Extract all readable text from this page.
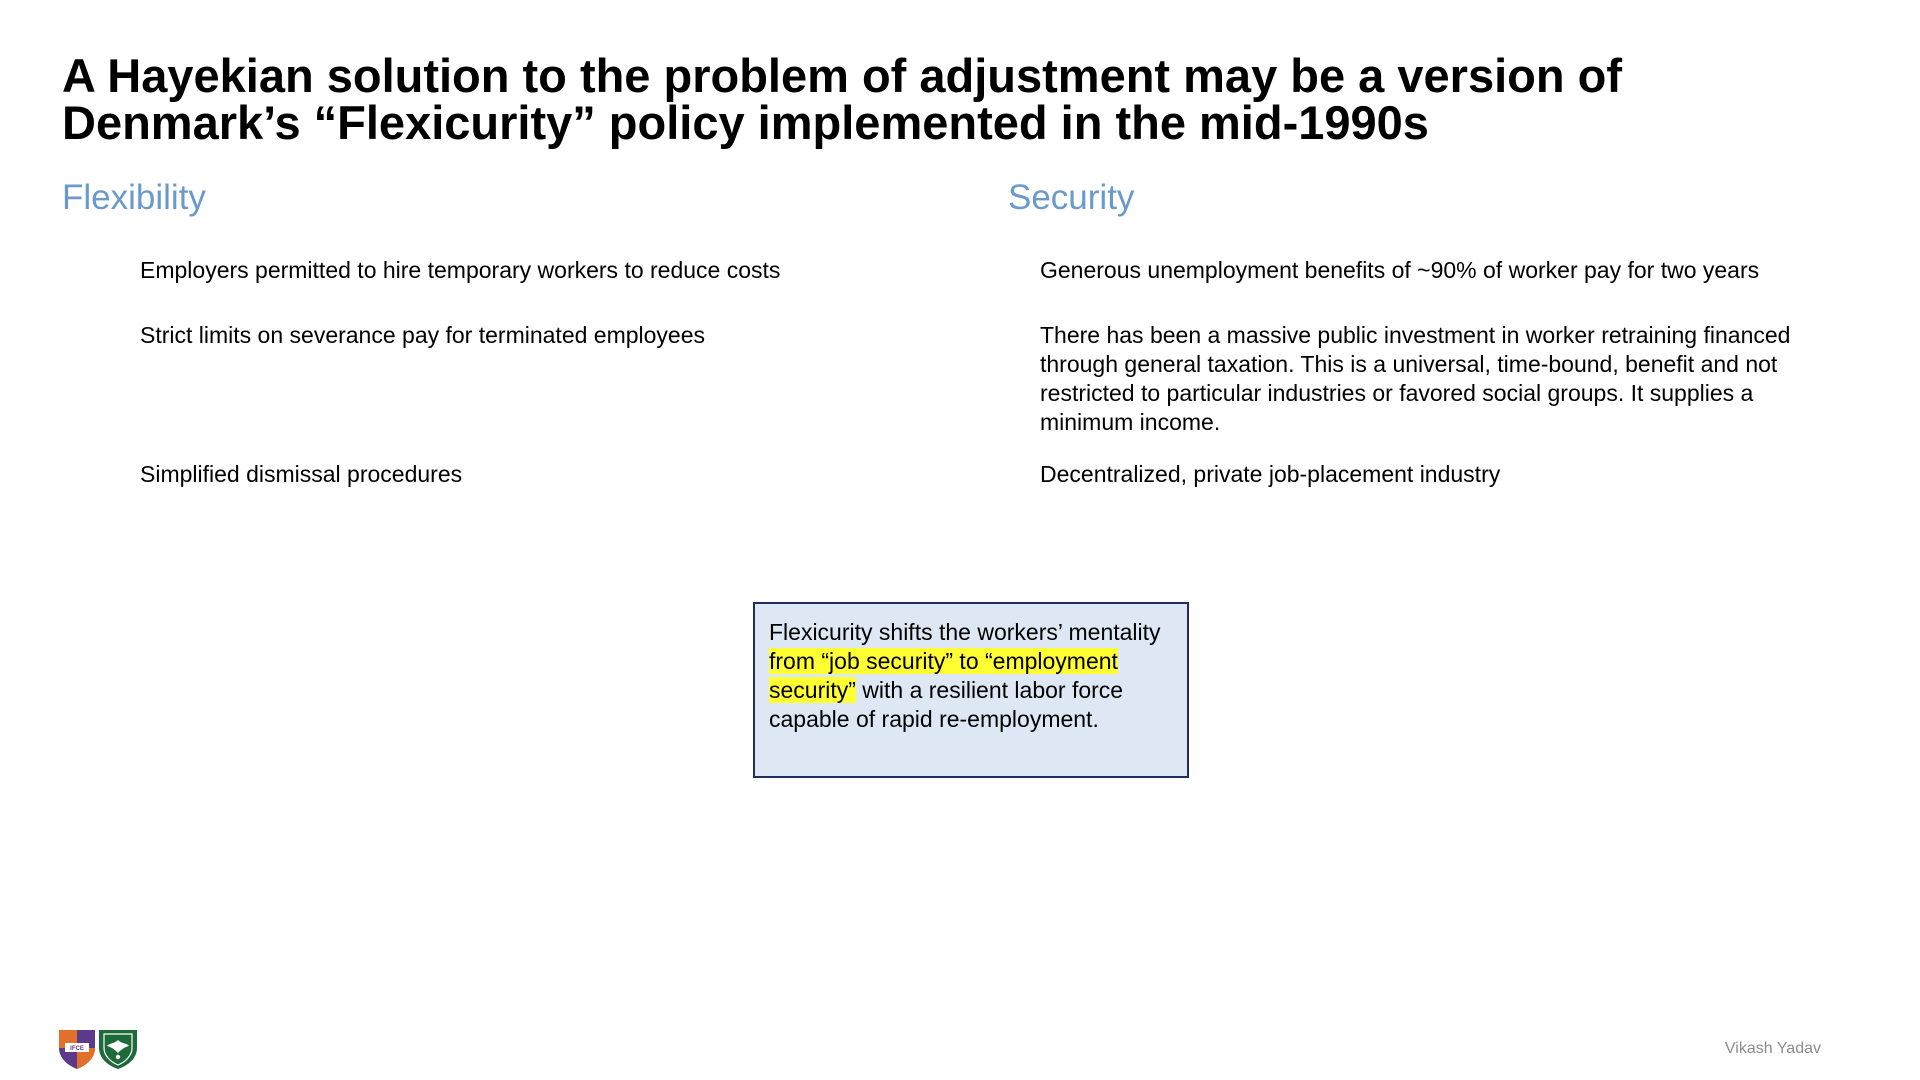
A Hayekian solution to the problem of adjustment may be a version of Denmark’s “Flexicurity” policy implemented in the mid-1990s
Flexibility	Security

Employers permitted to hire temporary workers to reduce costs

Strict limits on severance pay for terminated employees

Simplified dismissal procedures

Generous unemployment benefits of ~90% of worker pay for two years

There has been a massive public investment in worker retraining financed through general taxation. This is a universal, time-bound, benefit and not restricted to particular industries or favored social groups. It supplies a minimum income.

Decentralized, private job-placement industry

Flexicurity shifts the workers’ mentality from “job security” to “employment security” with a resilient labor force capable of rapid re-employment.
IFCE	Vikash Yadav
